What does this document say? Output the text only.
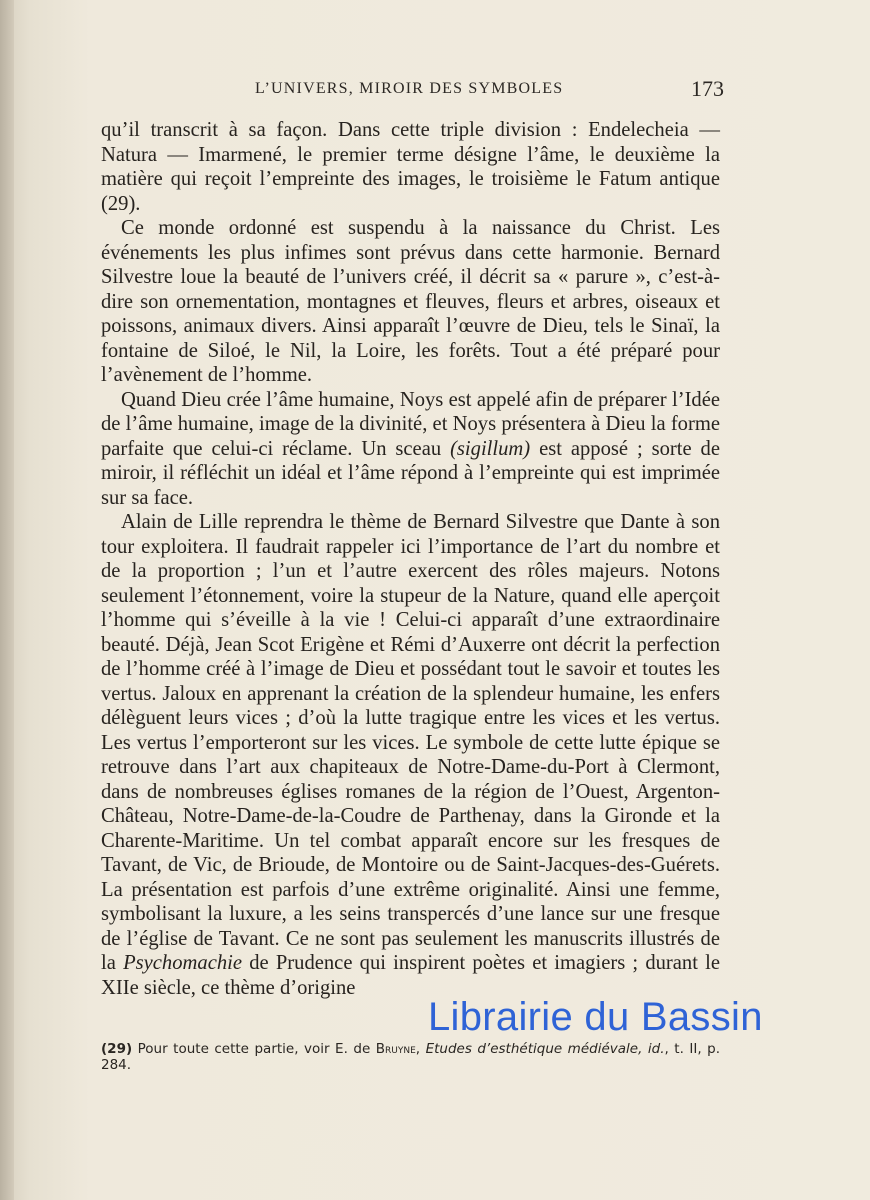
L’UNIVERS, MIROIR DES SYMBOLES	173

qu’il transcrit à sa façon. Dans cette triple division : Endelecheia — Natura — Imarmené, le premier terme désigne l’âme, le deuxième la matière qui reçoit l’empreinte des images, le troisième le Fatum antique (29).

Ce monde ordonné est suspendu à la naissance du Christ. Les événements les plus infimes sont prévus dans cette harmonie. Bernard Silvestre loue la beauté de l’univers créé, il décrit sa « parure », c’est-à-dire son ornementation, montagnes et fleuves, fleurs et arbres, oiseaux et poissons, animaux divers. Ainsi apparaît l’œuvre de Dieu, tels le Sinaï, la fontaine de Siloé, le Nil, la Loire, les forêts. Tout a été préparé pour l’avènement de l’homme.

Quand Dieu crée l’âme humaine, Noys est appelé afin de préparer l’Idée de l’âme humaine, image de la divinité, et Noys présentera à Dieu la forme parfaite que celui-ci réclame. Un sceau (sigillum) est apposé ; sorte de miroir, il réfléchit un idéal et l’âme répond à l’empreinte qui est imprimée sur sa face.

Alain de Lille reprendra le thème de Bernard Silvestre que Dante à son tour exploitera. Il faudrait rappeler ici l’importance de l’art du nombre et de la proportion ; l’un et l’autre exercent des rôles majeurs. Notons seulement l’étonnement, voire la stupeur de la Nature, quand elle aperçoit l’homme qui s’éveille à la vie ! Celui-ci apparaît d’une extraordinaire beauté. Déjà, Jean Scot Erigène et Rémi d’Auxerre ont décrit la perfection de l’homme créé à l’image de Dieu et possédant tout le savoir et toutes les vertus. Jaloux en apprenant la création de la splendeur humaine, les enfers délèguent leurs vices ; d’où la lutte tragique entre les vices et les vertus. Les vertus l’emporteront sur les vices. Le symbole de cette lutte épique se retrouve dans l’art aux chapiteaux de Notre-Dame-du-Port à Clermont, dans de nombreuses églises romanes de la région de l’Ouest, Argenton-Château, Notre-Dame-de-la-Coudre de Parthenay, dans la Gironde et la Charente-Maritime. Un tel combat apparaît encore sur les fresques de Tavant, de Vic, de Brioude, de Montoire ou de Saint-Jacques-des-Guérets. La présentation est parfois d’une extrême originalité. Ainsi une femme, symbolisant la luxure, a les seins transpercés d’une lance sur une fresque de l’église de Tavant. Ce ne sont pas seulement les manuscrits illustrés de la Psychomachie de Prudence qui inspirent poètes et imagiers ; durant le XIIe siècle, ce thème d’origine

(29) Pour toute cette partie, voir E. de Bruyne, Etudes d’esthétique médiévale, id., t. II, p. 284.
Librairie du Bassin
